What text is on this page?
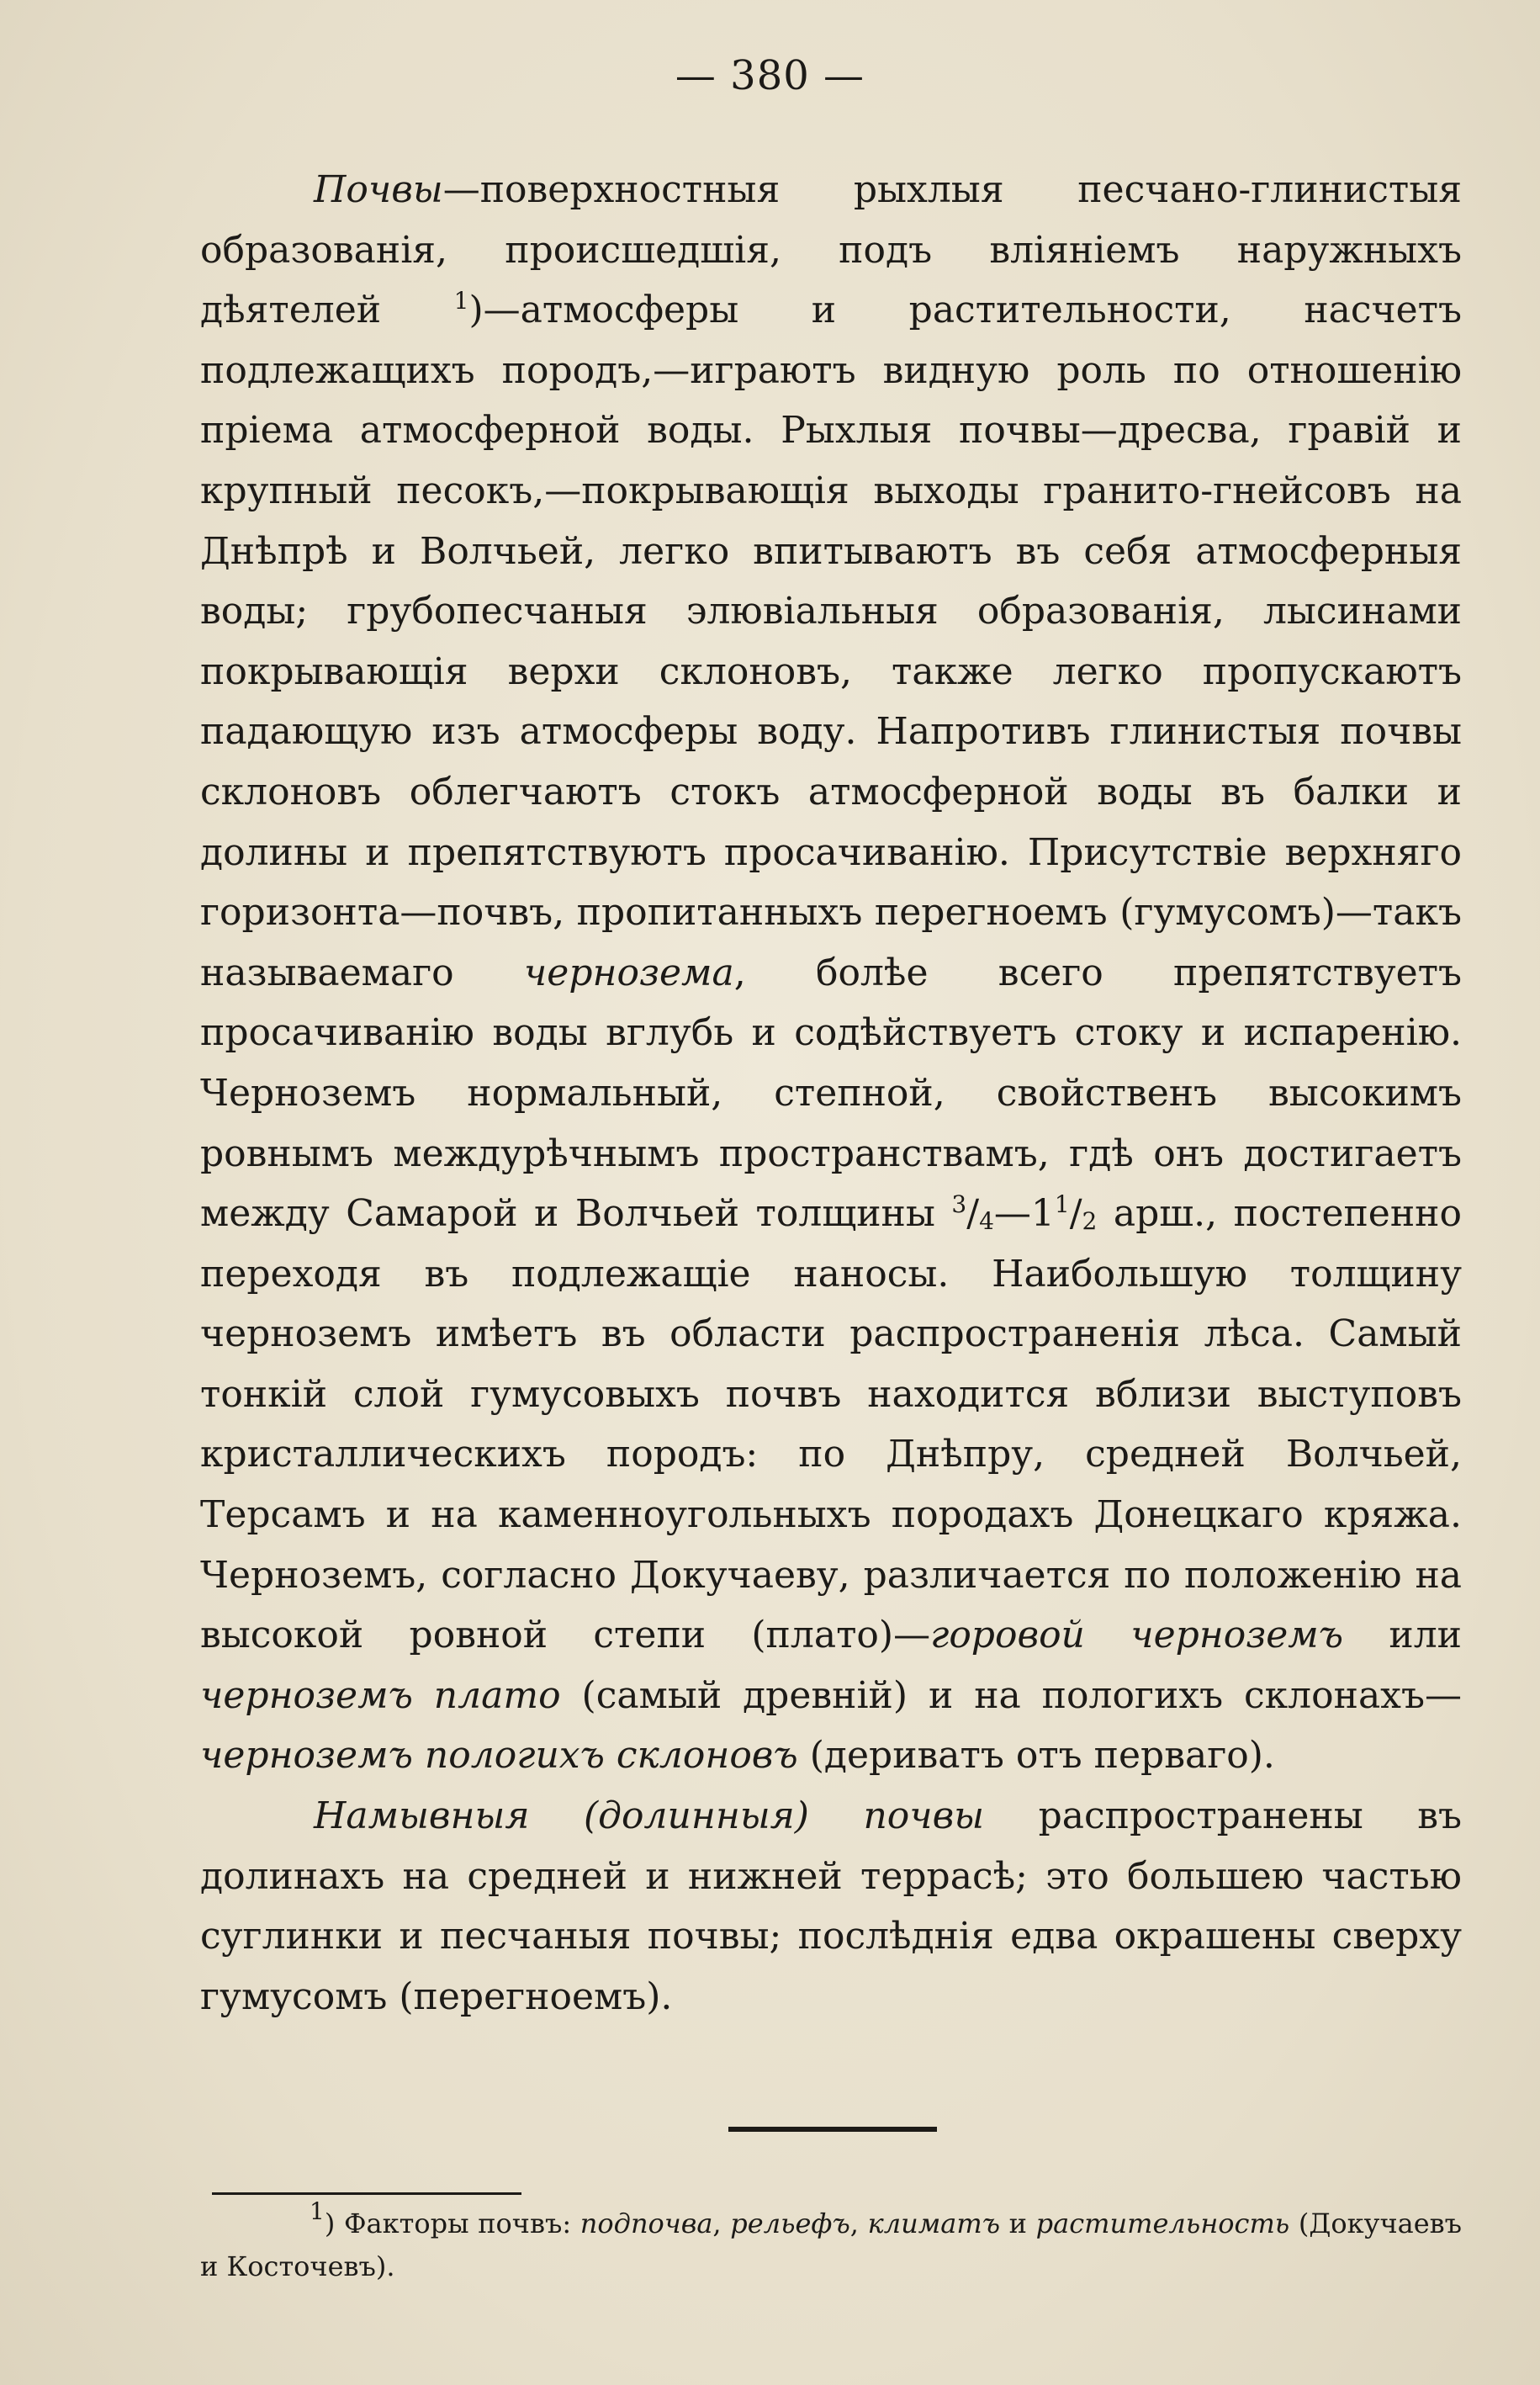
— 380 —

Почвы—поверхностныя рыхлыя песчано-глинистыя образованія, происшедшія, подъ вліяніемъ наружныхъ дѣятелей $^1$)—атмосферы и растительности, насчетъ подлежащихъ породъ,—играютъ видную роль по отношенію пріема атмосферной воды. Рыхлыя почвы—дресва, гравій и крупный песокъ,—покрывающія выходы гранито-гнейсовъ на Днѣпрѣ и Волчьей, легко впитываютъ въ себя атмосферныя воды; грубопесчаныя элювіальныя образованія, лысинами покрывающія верхи склоновъ, также легко пропускаютъ падающую изъ атмосферы воду. Напротивъ глинистыя почвы склоновъ облегчаютъ стокъ атмосферной воды въ балки и долины и препятствуютъ просачиванію. Присутствіе верхняго горизонта—почвъ, пропитанныхъ перегноемъ (гумусомъ)—такъ называемаго чернозема, болѣе всего препятствуетъ просачиванію воды вглубь и содѣйствуетъ стоку и испаренію. Черноземъ нормальный, степной, свойственъ высокимъ ровнымъ междурѣчнымъ пространствамъ, гдѣ онъ достигаетъ между Самарой и Волчьей толщины $^3/4—1^1/2$ арш., постепенно переходя въ подлежащіе наносы. Наибольшую толщину черноземъ имѣетъ въ области распространенія лѣса. Самый тонкій слой гумусовыхъ почвъ находится вблизи выступовъ кристаллическихъ породъ: по Днѣпру, средней Волчьей, Терсамъ и на каменноугольныхъ породахъ Донецкаго кряжа. Черноземъ, согласно Докучаеву, различается по положенію на высокой ровной степи (плато)—горовой черноземъ или черноземъ плато (самый древній) и на пологихъ склонахъ—черноземъ пологихъ склоновъ (дериватъ отъ перваго).

Намывныя (долинныя) почвы распространены въ долинахъ на средней и нижней террасѣ; это большею частью суглинки и песчаныя почвы; послѣднія едва окрашены сверху гумусомъ (перегноемъ).

1) Факторы почвъ: подпочва, рельефъ, климатъ и растительность (Докучаевъ и Косточевъ).
